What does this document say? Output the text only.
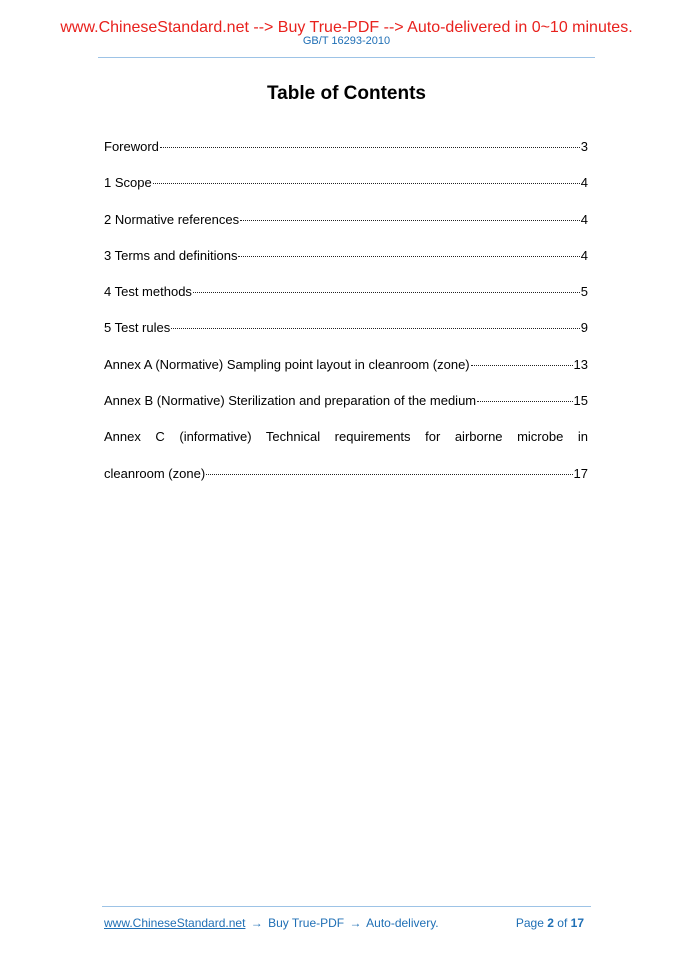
www.ChineseStandard.net --> Buy True-PDF --> Auto-delivered in 0~10 minutes.
GB/T 16293-2010
Table of Contents
Foreword	3
1 Scope	4
2 Normative references	4
3 Terms and definitions	4
4 Test methods	5
5 Test rules	9
Annex A (Normative) Sampling point layout in cleanroom (zone)	13
Annex B (Normative) Sterilization and preparation of the medium	15
Annex C (informative) Technical requirements for airborne microbe in
cleanroom (zone)	17
www.ChineseStandard.net → Buy True-PDF → Auto-delivery.	Page 2 of 17
